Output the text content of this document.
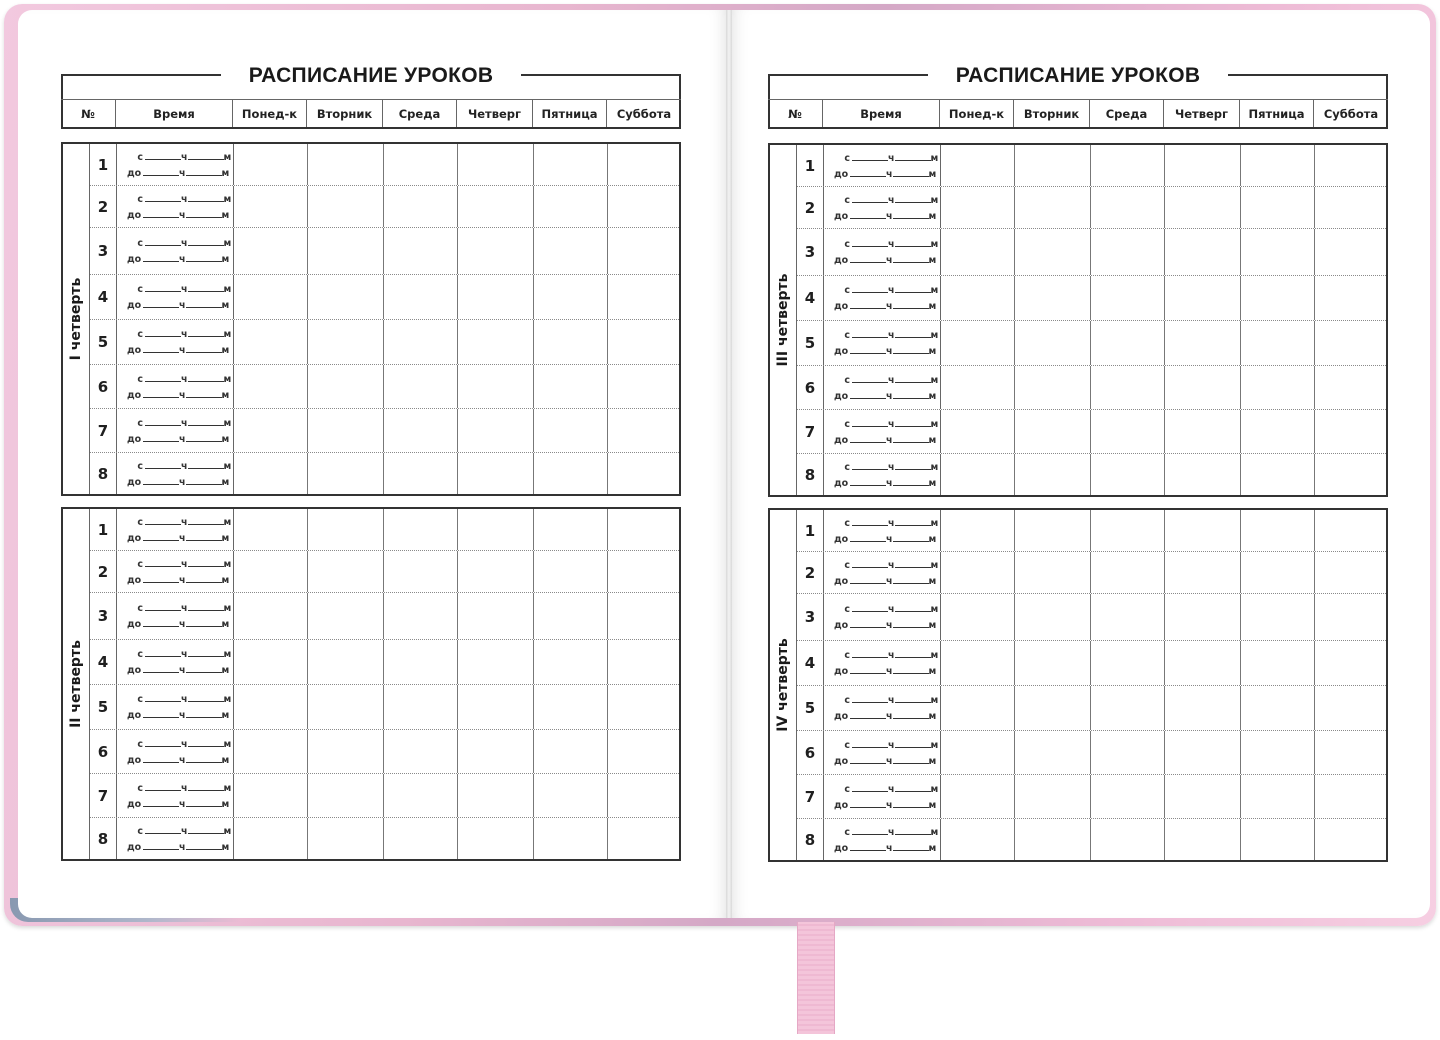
РАСПИСАНИЕ УРОКОВ
№	Время	Понед-к	Вторник	Среда	Четверг	Пятница	Суббота
I четверть
1	с	ч	м
до	ч	м
2	с	ч	м
до	ч	м
3	с	ч	м
до	ч	м
4	с	ч	м
до	ч	м
5	с	ч	м
до	ч	м
6	с	ч	м
до	ч	м
7	с	ч	м
до	ч	м
8	с	ч	м
до	ч	м
II четверть
1	с	ч	м
до	ч	м
2	с	ч	м
до	ч	м
3	с	ч	м
до	ч	м
4	с	ч	м
до	ч	м
5	с	ч	м
до	ч	м
6	с	ч	м
до	ч	м
7	с	ч	м
до	ч	м
8	с	ч	м
до	ч	м
РАСПИСАНИЕ УРОКОВ
№	Время	Понед-к	Вторник	Среда	Четверг	Пятница	Суббота
III четверть
1	с	ч	м
до	ч	м
2	с	ч	м
до	ч	м
3	с	ч	м
до	ч	м
4	с	ч	м
до	ч	м
5	с	ч	м
до	ч	м
6	с	ч	м
до	ч	м
7	с	ч	м
до	ч	м
8	с	ч	м
до	ч	м
IV четверть
1	с	ч	м
до	ч	м
2	с	ч	м
до	ч	м
3	с	ч	м
до	ч	м
4	с	ч	м
до	ч	м
5	с	ч	м
до	ч	м
6	с	ч	м
до	ч	м
7	с	ч	м
до	ч	м
8	с	ч	м
до	ч	м
